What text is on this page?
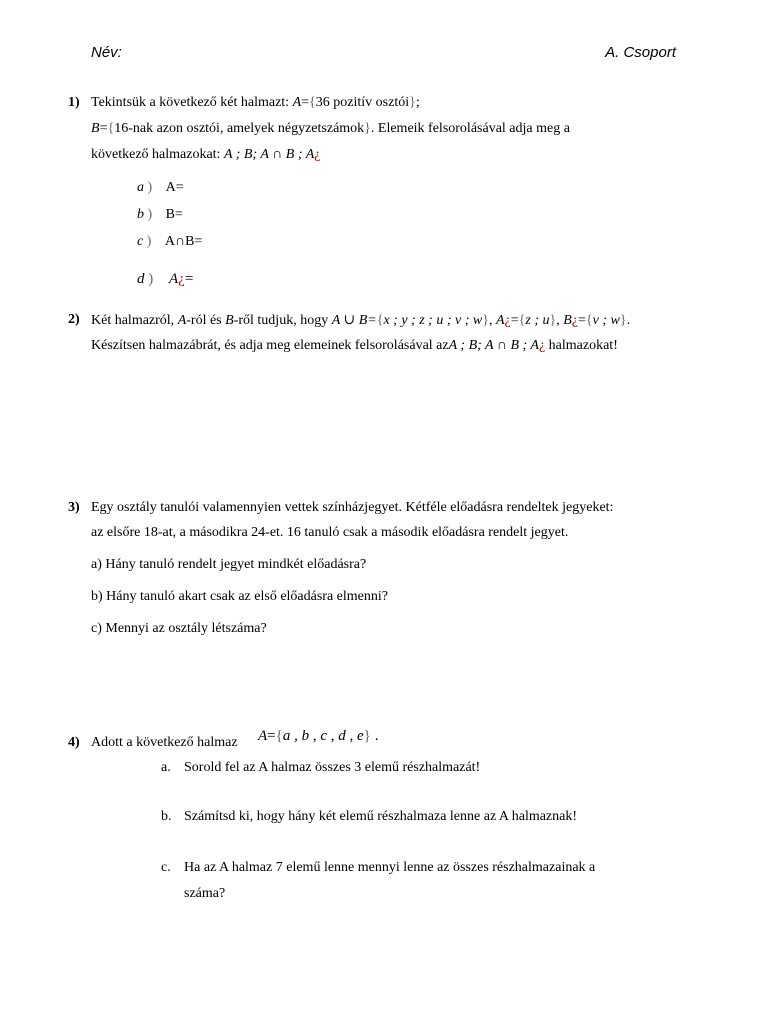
Név:	A. Csoport
1) Tekintsük a következő két halmazt: A={36 pozitív osztói};
B={16-nak azon osztói, amelyek négyzetszámok}. Elemeik felsorolásával adja meg a
következő halmazokat: A ; B; A ∩ B ; A¿
a ) A=
b ) B=
c ) A∩B=
d ) A¿=
2) Két halmazról, A-ról és B-ről tudjuk, hogy A ∪ B={x ; y ; z ; u ; v ; w}, A¿={z ; u}, B¿={v ; w}.
Készítsen halmazábrát, és adja meg elemeinek felsorolásával azA ; B; A ∩ B ; A¿ halmazokat!
3) Egy osztály tanulói valamennyien vettek színházjegyet. Kétféle előadásra rendeltek jegyeket:
az elsőre 18-at, a másodikra 24-et. 16 tanuló csak a második előadásra rendelt jegyet.
a) Hány tanuló rendelt jegyet mindkét előadásra?
b) Hány tanuló akart csak az első előadásra elmenni?
c) Mennyi az osztály létszáma?
4) Adott a következő halmaz A={a , b , c , d , e} .
a. Sorold fel az A halmaz összes 3 elemű részhalmazát!
b. Számítsd ki, hogy hány két elemű részhalmaza lenne az A halmaznak!
c. Ha az A halmaz 7 elemű lenne mennyi lenne az összes részhalmazainak a
száma?
